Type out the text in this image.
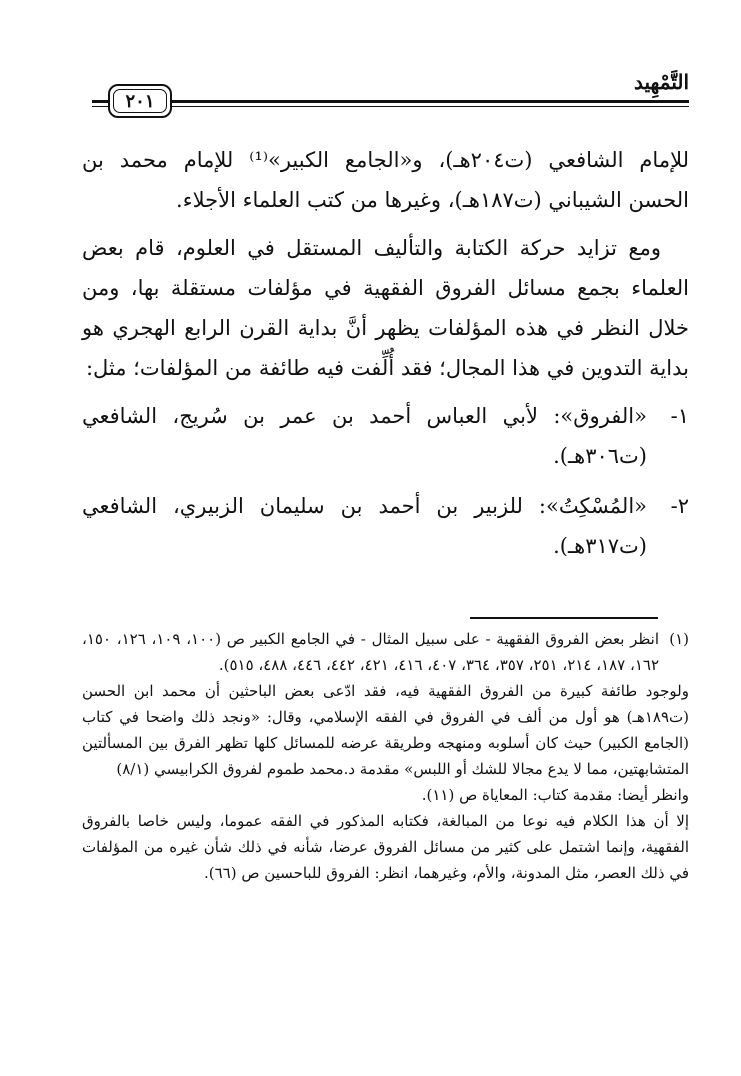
التَّمْهِيد
٢٠١

للإمام الشافعي (ت٢٠٤هـ)، و«الجامع الكبير»⁽¹⁾ للإمام محمد بن الحسن الشيباني (ت١٨٧هـ)، وغيرها من كتب العلماء الأجلاء.

ومع تزايد حركة الكتابة والتأليف المستقل في العلوم، قام بعض العلماء بجمع مسائل الفروق الفقهية في مؤلفات مستقلة بها، ومن خلال النظر في هذه المؤلفات يظهر أنَّ بداية القرن الرابع الهجري هو بداية التدوين في هذا المجال؛ فقد أُلِّفت فيه طائفة من المؤلفات؛ مثل:

١-
«الفروق»: لأبي العباس أحمد بن عمر بن سُريج، الشافعي (ت٣٠٦هـ).
٢-
«المُسْكِتُ»: للزبير بن أحمد بن سليمان الزبيري، الشافعي (ت٣١٧هـ).
(١)
انظر بعض الفروق الفقهية - على سبيل المثال - في الجامع الكبير ص (١٠٠، ١٠٩، ١٢٦، ١٥٠، ١٦٢، ١٨٧، ٢١٤، ٢٥١، ٣٥٧، ٣٦٤، ٤٠٧، ٤١٦، ٤٢١، ٤٤٢، ٤٤٦، ٤٨٨، ٥١٥).

ولوجود طائفة كبيرة من الفروق الفقهية فيه، فقد ادّعى بعض الباحثين أن محمد ابن الحسن (ت١٨٩هـ) هو أول من ألف في الفروق في الفقه الإسلامي، وقال: «ونجد ذلك واضحا في كتاب (الجامع الكبير) حيث كان أسلوبه ومنهجه وطريقة عرضه للمسائل كلها تظهر الفرق بين المسألتين المتشابهتين، مما لا يدع مجالا للشك أو اللبس» مقدمة د.محمد طموم لفروق الكرابيسي (٨/١)

وانظر أيضا: مقدمة كتاب: المعاياة ص (١١).

إلا أن هذا الكلام فيه نوعا من المبالغة، فكتابه المذكور في الفقه عموما، وليس خاصا بالفروق الفقهية، وإنما اشتمل على كثير من مسائل الفروق عرضا، شأنه في ذلك شأن غيره من المؤلفات في ذلك العصر، مثل المدونة، والأم، وغيرهما، انظر: الفروق للباحسين ص (٦٦).
